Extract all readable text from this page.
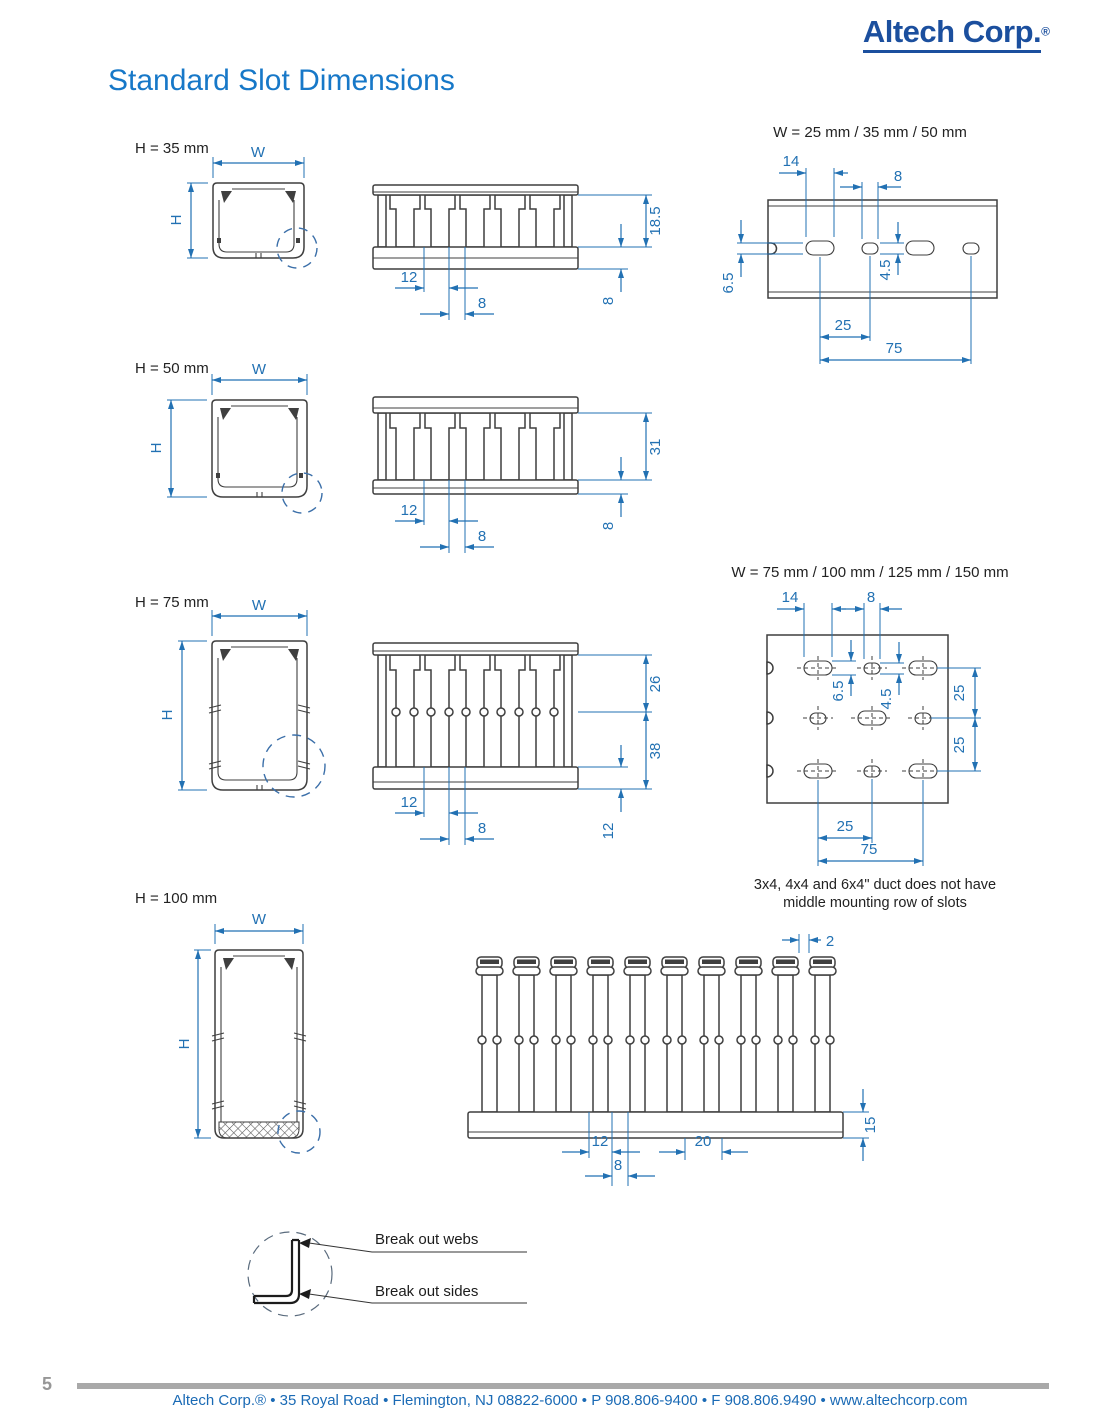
W
H	18.5
8
12
8
14
8
6.5
4.5
25
75
W
H	31
8
12
8
W
H
26
38
12
12
8
14	8
6.5 4.5	25
25
25
75
W
H
2
15
12
8
20
Altech Corp.®
Standard Slot Dimensions
H = 35 mm
H = 50 mm
H = 75 mm
H = 100 mm
W = 25 mm / 35 mm / 50 mm
W = 75 mm / 100 mm / 125 mm / 150 mm
3x4, 4x4 and 6x4" duct does not have
middle mounting row of slots
Break out webs
Break out sides
5
Altech Corp.® • 35 Royal Road • Flemington, NJ 08822-6000 • P 908.806-9400 • F 908.806.9490 • www.altechcorp.com
